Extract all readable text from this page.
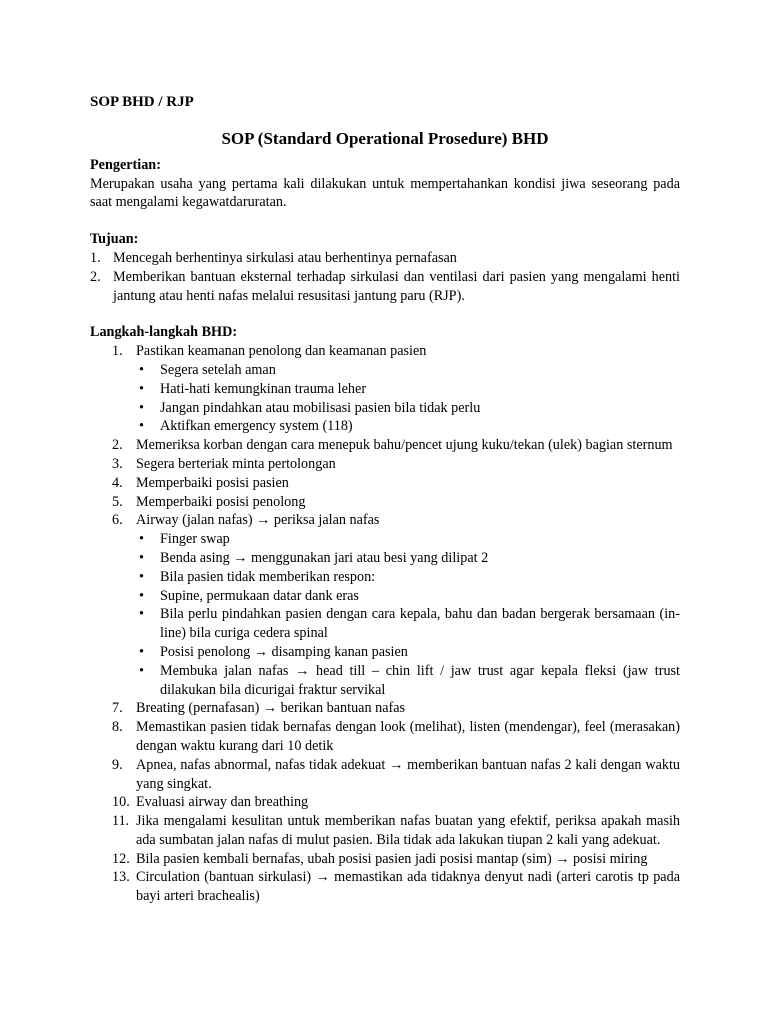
SOP BHD / RJP
SOP (Standard Operational Prosedure) BHD
Pengertian:

Merupakan usaha yang pertama kali dilakukan untuk mempertahankan kondisi jiwa seseorang pada saat mengalami kegawatdaruratan.

Tujuan:
1. Mencegah berhentinya sirkulasi atau berhentinya pernafasan
2. Memberikan bantuan eksternal terhadap sirkulasi dan ventilasi dari pasien yang mengalami henti jantung atau henti nafas melalui resusitasi jantung paru (RJP).
Langkah-langkah BHD:
1. Pastikan keamanan penolong dan keamanan pasien
• Segera setelah aman
• Hati-hati kemungkinan trauma leher
• Jangan pindahkan atau mobilisasi pasien bila tidak perlu
• Aktifkan emergency system (118)
2. Memeriksa korban dengan cara menepuk bahu/pencet ujung kuku/tekan (ulek) bagian sternum
3. Segera berteriak minta pertolongan
4. Memperbaiki posisi pasien
5. Memperbaiki posisi penolong
6. Airway (jalan nafas) → periksa jalan nafas
• Finger swap
• Benda asing → menggunakan jari atau besi yang dilipat 2
• Bila pasien tidak memberikan respon:
• Supine, permukaan datar dank eras
• Bila perlu pindahkan pasien dengan cara kepala, bahu dan badan bergerak bersamaan (in-line) bila curiga cedera spinal
• Posisi penolong → disamping kanan pasien
• Membuka jalan nafas → head till – chin lift / jaw trust agar kepala fleksi (jaw trust dilakukan bila dicurigai fraktur servikal
7. Breating (pernafasan) → berikan bantuan nafas
8. Memastikan pasien tidak bernafas dengan look (melihat), listen (mendengar), feel (merasakan) dengan waktu kurang dari 10 detik
9. Apnea, nafas abnormal, nafas tidak adekuat → memberikan bantuan nafas 2 kali dengan waktu yang singkat.
10. Evaluasi airway dan breathing
11. Jika mengalami kesulitan untuk memberikan nafas buatan yang efektif, periksa apakah masih ada sumbatan jalan nafas di mulut pasien. Bila tidak ada lakukan tiupan 2 kali yang adekuat.
12. Bila pasien kembali bernafas, ubah posisi pasien jadi posisi mantap (sim) → posisi miring
13. Circulation (bantuan sirkulasi) → memastikan ada tidaknya denyut nadi (arteri carotis tp pada bayi arteri brachealis)
